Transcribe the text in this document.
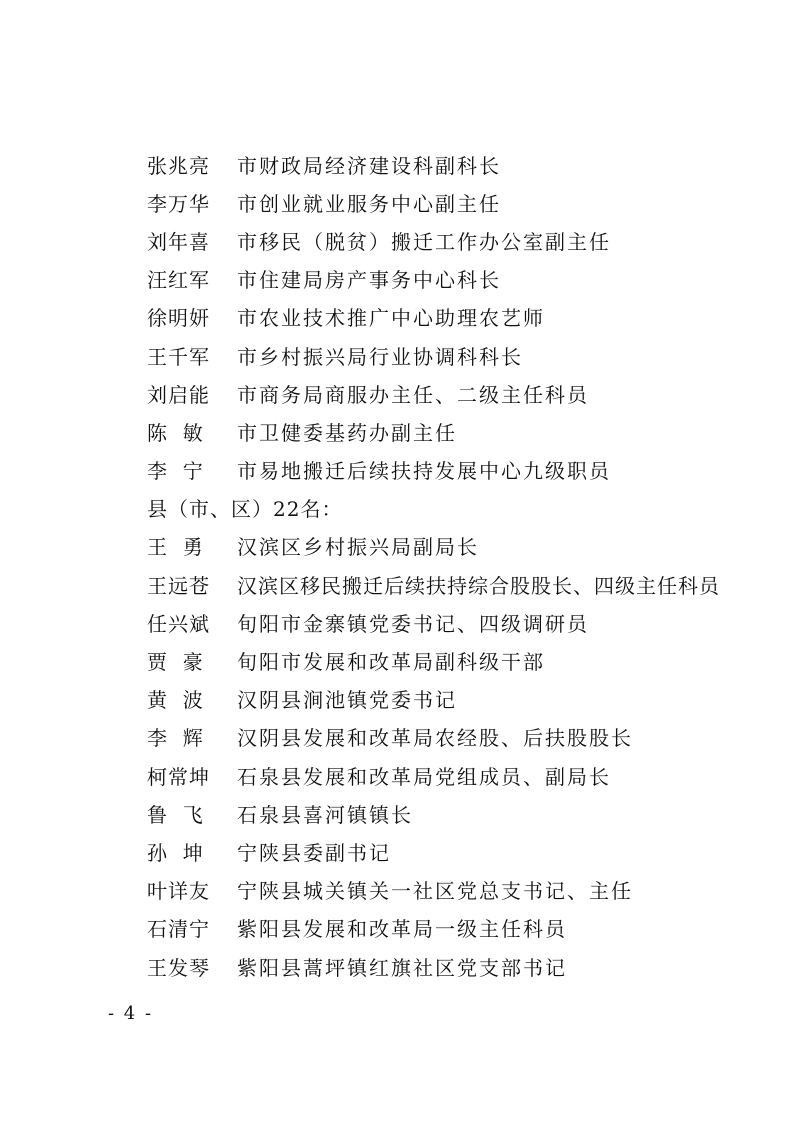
张兆亮	市财政局经济建设科副科长
李万华	市创业就业服务中心副主任
刘年喜	市移民（脱贫）搬迁工作办公室副主任
汪红军	市住建局房产事务中心科长
徐明妍	市农业技术推广中心助理农艺师
王千军	市乡村振兴局行业协调科科长
刘启能	市商务局商服办主任、二级主任科员
陈  敏	市卫健委基药办副主任
李  宁	市易地搬迁后续扶持发展中心九级职员
县（市、区）22名：
王  勇	汉滨区乡村振兴局副局长
王远苍	汉滨区移民搬迁后续扶持综合股股长、四级主任科员
任兴斌	旬阳市金寨镇党委书记、四级调研员
贾  豪	旬阳市发展和改革局副科级干部
黄  波	汉阴县涧池镇党委书记
李  辉	汉阴县发展和改革局农经股、后扶股股长
柯常坤	石泉县发展和改革局党组成员、副局长
鲁  飞	石泉县喜河镇镇长
孙  坤	宁陕县委副书记
叶详友	宁陕县城关镇关一社区党总支书记、主任
石清宁	紫阳县发展和改革局一级主任科员
王发琴	紫阳县蒿坪镇红旗社区党支部书记
- 4 -
